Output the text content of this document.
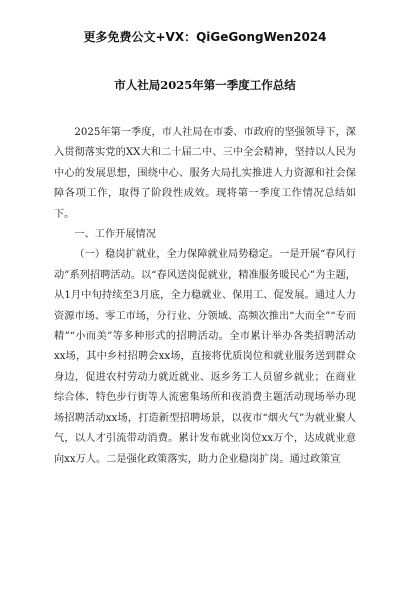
更多免费公文+VX：QiGeGongWen2024
市人社局2025年第一季度工作总结

2025年第一季度，市人社局在市委、市政府的坚强领导下，深入贯彻落实党的XX大和二十届二中、三中全会精神，坚持以人民为中心的发展思想，围绕中心、服务大局扎实推进人力资源和社会保障各项工作，取得了阶段性成效。现将第一季度工作情况总结如下。

一、工作开展情况

（一）稳岗扩就业，全力保障就业局势稳定。一是开展“春风行动”系列招聘活动。以“春风送岗促就业，精准服务暖民心”为主题，从1月中旬持续至3月底，全力稳就业、保用工、促发展。通过人力资源市场、零工市场，分行业、分领域、高频次推出“大而全”“专而精”“小而美”等多种形式的招聘活动。全市累计举办各类招聘活动xx场，其中乡村招聘会xx场，直接将优质岗位和就业服务送到群众身边，促进农村劳动力就近就业、返乡务工人员留乡就业；在商业综合体、特色步行街等人流密集场所和夜消费主题活动现场举办现场招聘活动xx场，打造新型招聘场景，以夜市“烟火气”为就业聚人气，以人才引流带动消费。累计发布就业岗位xx万个，达成就业意向xx万人。二是强化政策落实，助力企业稳岗扩岗。通过政策宣
